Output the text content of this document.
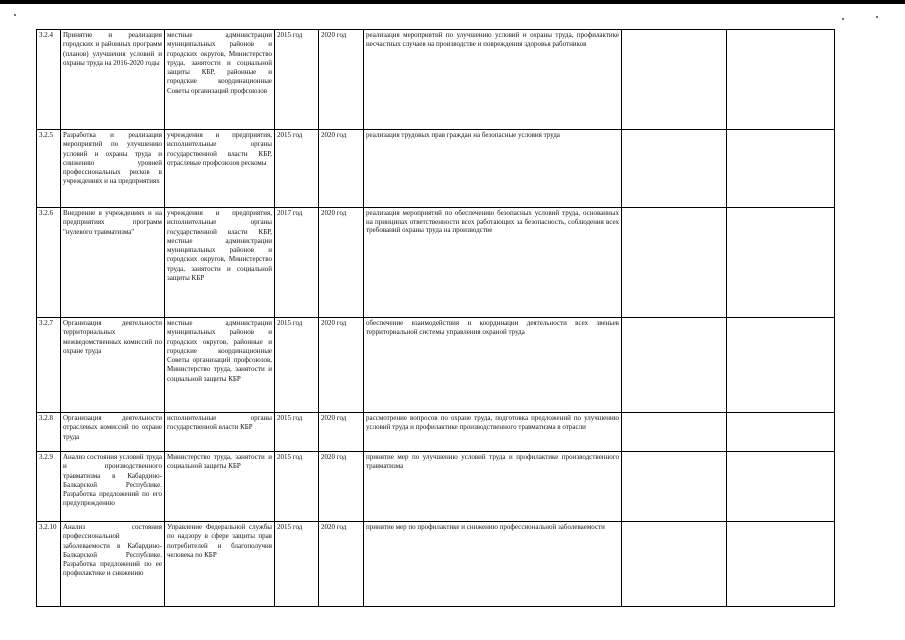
3.2.4	Принятие и реализация городских и районных программ (планов) улучшения условий и охраны труда на 2016-2020 годы	местные администрации муниципальных районов и городских округов, Министерство труда, занятости и социальной защиты КБР, районные и городские координационные Советы организаций профсоюзов	2015 год	2020 год	реализация мероприятий по улучшению условий и охраны труда, профилактике несчастных случаев на производстве и повреждения здоровья работников		
3.2.5	Разработка и реализация мероприятий по улучшению условий и охраны труда и снижению уровней профессиональных рисков в учреждениях и на предприятиях	учреждения и предприятия, исполнительные органы государственной власти КБР, отраслевые профсоюзов рескомы	2015 год	2020 год	реализация трудовых прав граждан на безопасные условия труда		
3.2.6	Внедрение в учреждениях и на предприятиях программ "нулевого травматизма"	учреждения и предприятия, исполнительные органы государственной власти КБР, местные администрации муниципальных районов и городских округов, Министерство труда, занятости и социальной защиты КБР	2017 год	2020 год	реализация мероприятий по обеспечению безопасных условий труда, основанных на принципах ответственности всех работающих за безопасность, соблюдения всех требований охраны труда на производстве		
3.2.7	Организация деятельности территориальных межведомственных комиссий по охране труда	местные администрации муниципальных районов и городских округов, районные и городские координационные Советы организаций профсоюзов, Министерство труда, занятости и социальной защиты КБР	2015 год	2020 год	обеспечение взаимодействия и координации деятельности всех звеньев территориальной системы управления охраной труда		
3.2.8	Организация деятельности отраслевых комиссий по охране труда	исполнительные органы государственной власти КБР	2015 год	2020 год	рассмотрение вопросов по охране труда, подготовка предложений по улучшению условий труда и профилактике производственного травматизма в отрасли		
3.2.9	Анализ состояния условий труда и производственного травматизма в Кабардино-Балкарской Республике. Разработка предложений по его предупреждению	Министерство труда, занятости и социальной защиты КБР	2015 год	2020 год	принятие мер по улучшению условий труда и профилактике производственного травматизма		
3.2.10	Анализ состояния профессиональной заболеваемости в Кабардино-Балкарской Республике. Разработка предложений по ее профилактике и снижению	Управление Федеральной службы по надзору в сфере защиты прав потребителей и благополучия человека по КБР	2015 год	2020 год	принятие мер по профилактике и снижению профессиональной заболеваемости		
